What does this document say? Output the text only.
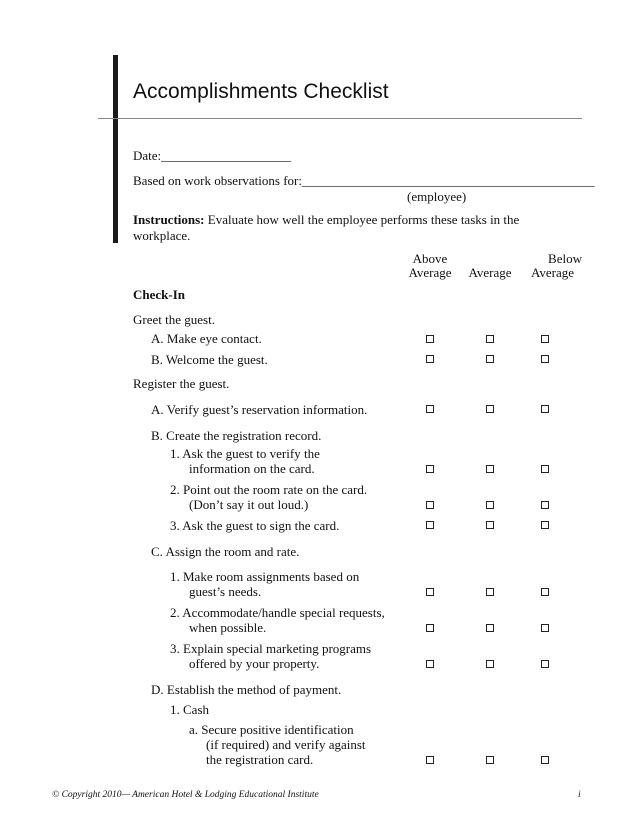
Accomplishments Checklist
Date:____________________
Based on work observations for:_____________________________________________
(employee)
Instructions: Evaluate how well the employee performs these tasks in the
workplace.
Above
Average	Average
Below
Average
Check-In
Greet the guest.
A. Make eye contact.
B. Welcome the guest.
Register the guest.
A. Verify guest’s reservation information.
B. Create the registration record.
1. Ask the guest to verify the
information on the card.
2. Point out the room rate on the card.
(Don’t say it out loud.)
3. Ask the guest to sign the card.
C. Assign the room and rate.
1. Make room assignments based on
guest’s needs.
2. Accommodate/handle special requests,
when possible.
3. Explain special marketing programs
offered by your property.
D. Establish the method of payment.
1. Cash
a. Secure positive identification
(if required) and verify against
the registration card.
© Copyright 2010— American Hotel & Lodging Educational Institute	i
